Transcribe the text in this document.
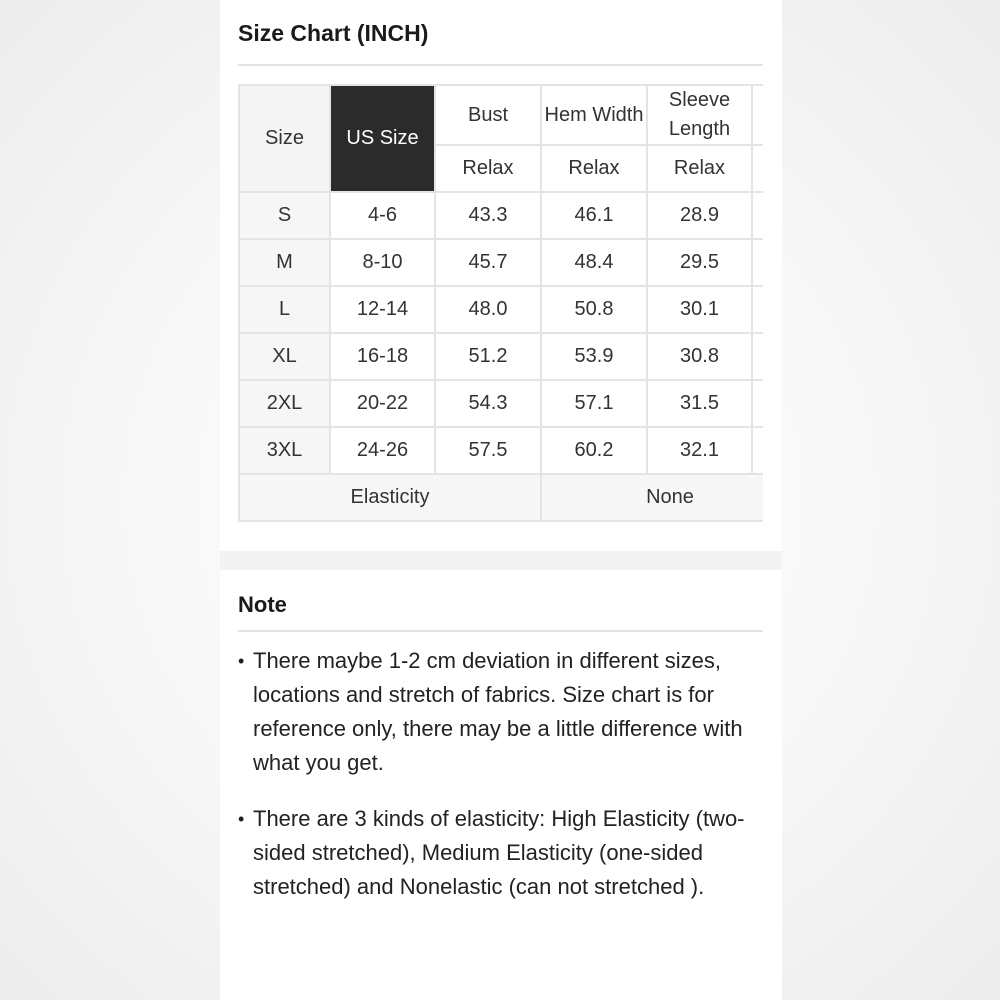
Size Chart (INCH)
Size	US Size	Bust	Hem Width	Sleeve Length	
		Relax	Relax	Relax	
S	4-6	43.3	46.1	28.9	
M	8-10	45.7	48.4	29.5	
L	12-14	48.0	50.8	30.1	
XL	16-18	51.2	53.9	30.8	
2XL	20-22	54.3	57.1	31.5	
3XL	24-26	57.5	60.2	32.1	
Elasticity			None		
Note
• There maybe 1-2 cm deviation in different sizes, locations and stretch of fabrics. Size chart is for reference only, there may be a little difference with what you get.
• There are 3 kinds of elasticity: High Elasticity (two-sided stretched), Medium Elasticity (one-sided stretched) and Nonelastic (can not stretched ).
